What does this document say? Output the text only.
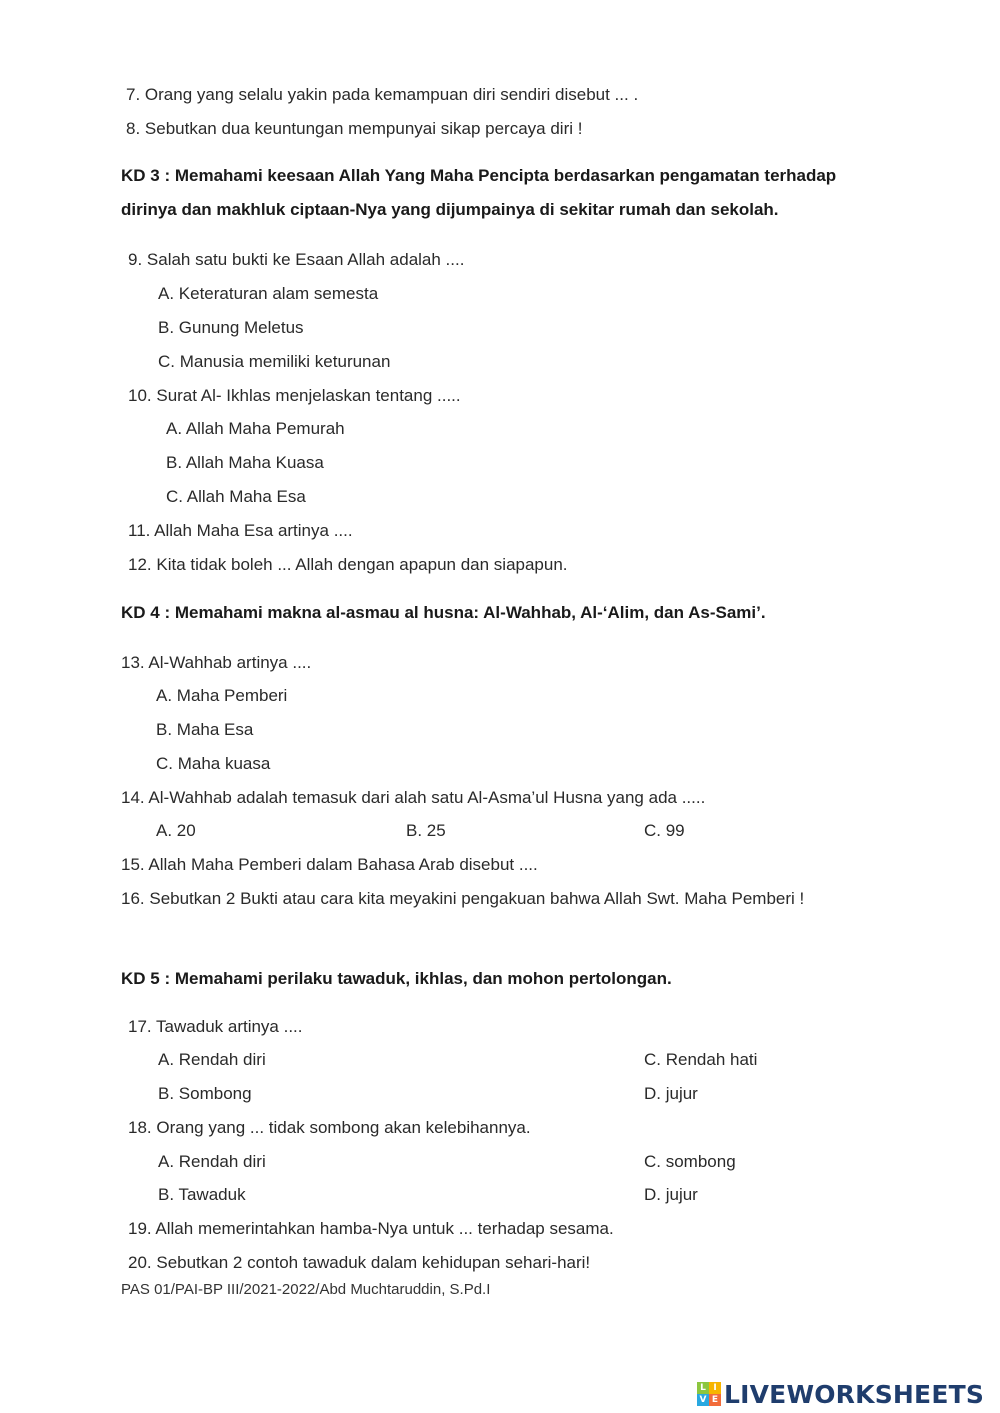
7. Orang yang selalu yakin pada kemampuan diri sendiri disebut ... .
8. Sebutkan dua keuntungan mempunyai sikap percaya diri !
KD 3 : Memahami keesaan Allah Yang Maha Pencipta berdasarkan pengamatan terhadap
dirinya dan makhluk ciptaan-Nya yang dijumpainya di sekitar rumah dan sekolah.
9. Salah satu bukti ke Esaan Allah adalah ....
A. Keteraturan alam semesta
B. Gunung Meletus
C. Manusia memiliki keturunan
10. Surat Al- Ikhlas menjelaskan tentang .....
A. Allah Maha Pemurah
B. Allah Maha Kuasa
C. Allah Maha Esa
11. Allah Maha Esa artinya ....
12. Kita tidak boleh ... Allah dengan apapun dan siapapun.
KD 4 : Memahami makna al-asmau al husna: Al-Wahhab, Al-‘Alim, dan As-Sami’.
13. Al-Wahhab artinya ....
A. Maha Pemberi
B. Maha Esa
C. Maha kuasa
14. Al-Wahhab adalah temasuk dari alah satu Al-Asma’ul Husna yang ada .....
A. 20	B. 25	C. 99
15. Allah Maha Pemberi dalam Bahasa Arab disebut ....
16. Sebutkan 2 Bukti atau cara kita meyakini pengakuan bahwa Allah Swt. Maha Pemberi !
KD 5 : Memahami perilaku tawaduk, ikhlas, dan mohon pertolongan.
17. Tawaduk artinya ....
A. Rendah diri	C. Rendah hati
B. Sombong	D. jujur
18. Orang yang ... tidak sombong akan kelebihannya.
A. Rendah diri	C. sombong
B. Tawaduk	D. jujur
19. Allah memerintahkan hamba-Nya untuk ... terhadap sesama.
20. Sebutkan 2 contoh tawaduk dalam kehidupan sehari-hari!
PAS 01/PAI-BP III/2021-2022/Abd Muchtaruddin, S.Pd.I
L I
V E LIVEWORKSHEETS
